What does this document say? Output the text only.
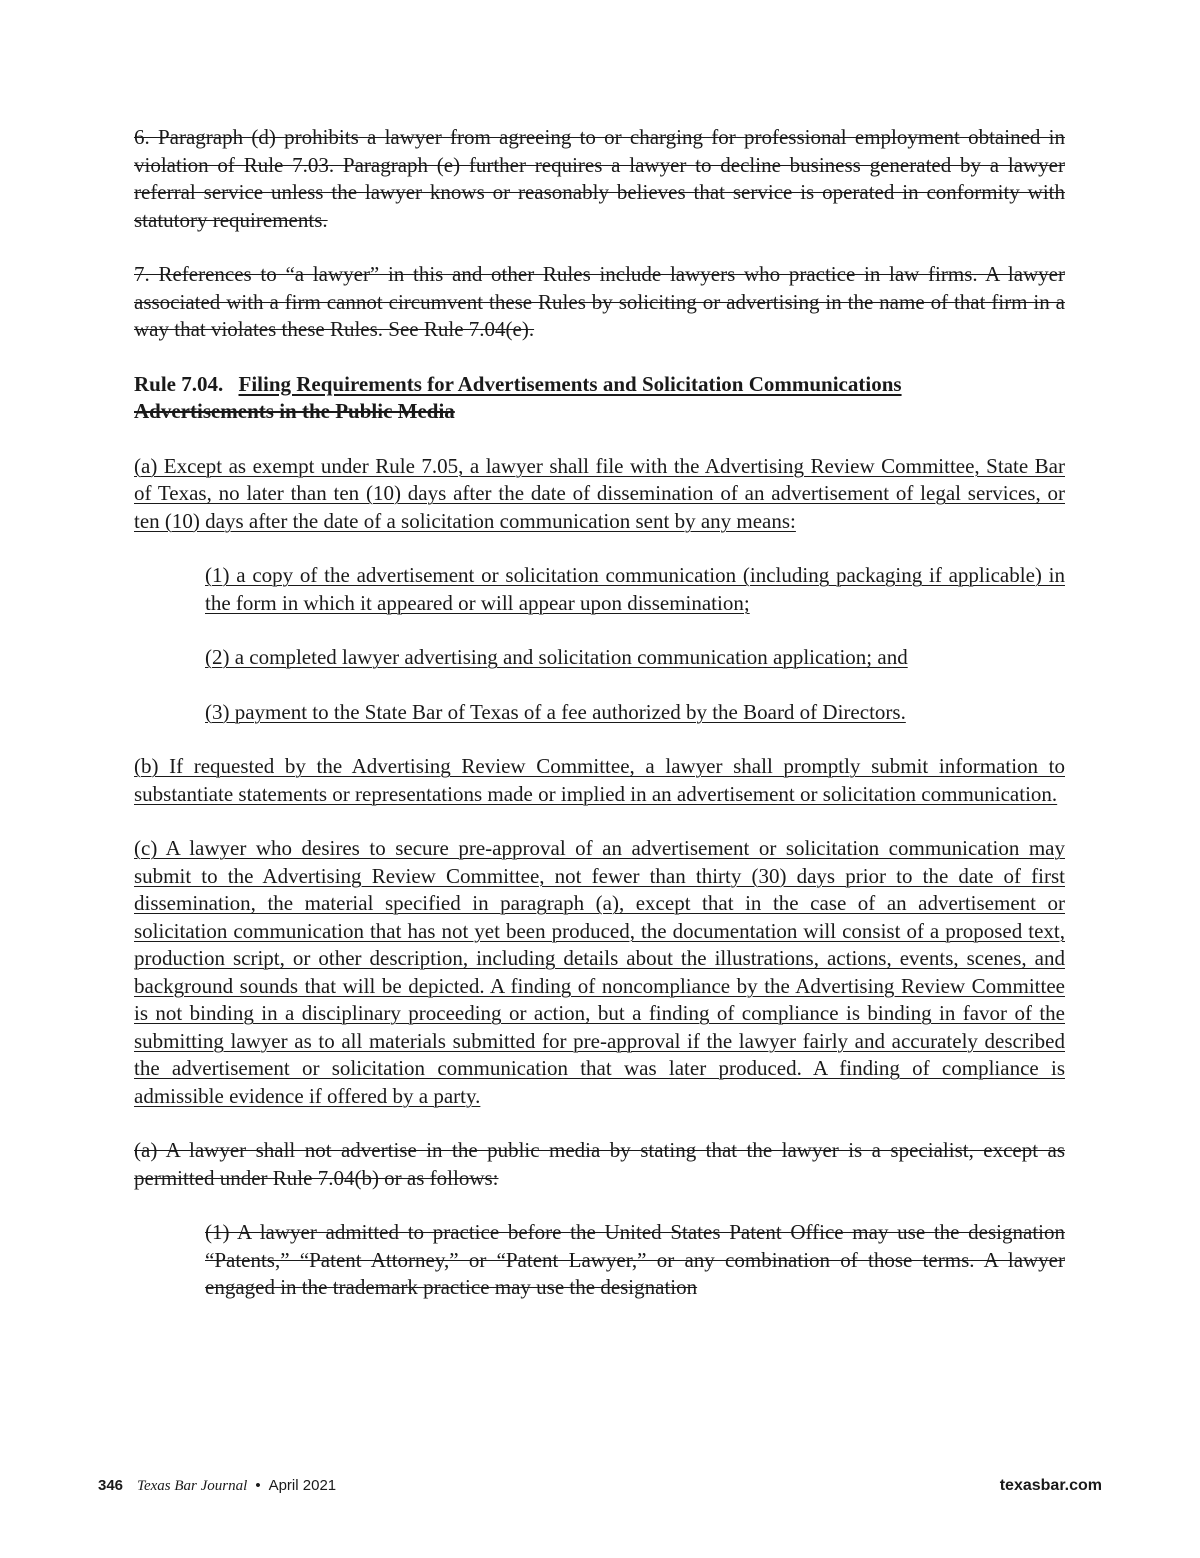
6. Paragraph (d) prohibits a lawyer from agreeing to or charging for professional employment obtained in violation of Rule 7.03. Paragraph (e) further requires a lawyer to decline business generated by a lawyer referral service unless the lawyer knows or reasonably believes that service is operated in conformity with statutory requirements.

7. References to “a lawyer” in this and other Rules include lawyers who practice in law firms. A lawyer associated with a firm cannot circumvent these Rules by soliciting or advertising in the name of that firm in a way that violates these Rules. See Rule 7.04(e).

Rule 7.04. Filing Requirements for Advertisements and Solicitation Communications
Advertisements in the Public Media

(a) Except as exempt under Rule 7.05, a lawyer shall file with the Advertising Review Committee, State Bar of Texas, no later than ten (10) days after the date of dissemination of an advertisement of legal services, or ten (10) days after the date of a solicitation communication sent by any means:

(1) a copy of the advertisement or solicitation communication (including packaging if applicable) in the form in which it appeared or will appear upon dissemination;

(2) a completed lawyer advertising and solicitation communication application; and

(3) payment to the State Bar of Texas of a fee authorized by the Board of Directors.

(b) If requested by the Advertising Review Committee, a lawyer shall promptly submit information to substantiate statements or representations made or implied in an advertisement or solicitation communication.

(c) A lawyer who desires to secure pre-approval of an advertisement or solicitation communication may submit to the Advertising Review Committee, not fewer than thirty (30) days prior to the date of first dissemination, the material specified in paragraph (a), except that in the case of an advertisement or solicitation communication that has not yet been produced, the documentation will consist of a proposed text, production script, or other description, including details about the illustrations, actions, events, scenes, and background sounds that will be depicted. A finding of noncompliance by the Advertising Review Committee is not binding in a disciplinary proceeding or action, but a finding of compliance is binding in favor of the submitting lawyer as to all materials submitted for pre-approval if the lawyer fairly and accurately described the advertisement or solicitation communication that was later produced. A finding of compliance is admissible evidence if offered by a party.

(a) A lawyer shall not advertise in the public media by stating that the lawyer is a specialist, except as permitted under Rule 7.04(b) or as follows:

(1) A lawyer admitted to practice before the United States Patent Office may use the designation “Patents,” “Patent Attorney,” or “Patent Lawyer,” or any combination of those terms. A lawyer engaged in the trademark practice may use the designation

346 Texas Bar Journal • April 2021	texasbar.com
